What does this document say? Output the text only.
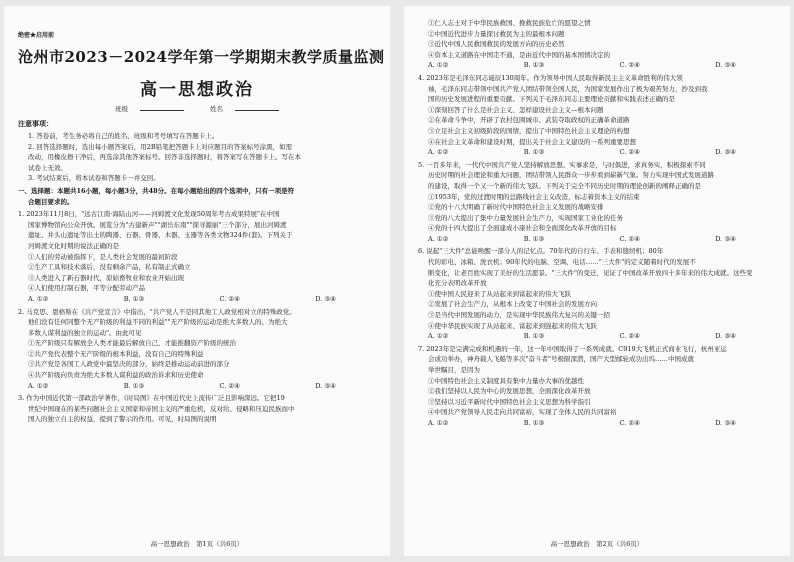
绝密★启用前
沧州市2023－2024学年第一学期期末教学质量监测
高一思想政治
班级	姓名
注意事项：

1. 答卷前，考生务必将自己的姓名、班级和考号填写在答题卡上。

2. 回答选择题时，选出每小题答案后，用2B铅笔把答题卡上对应题目的答案标号涂黑，如需

改动，用橡皮擦干净后，再选涂其他答案标号。回答非选择题时，将答案写在答题卡上。写在本

试卷上无效。

3. 考试结束后，将本试卷和答题卡一并交回。

一、选择题：本题共16小题，每小题3分，共48分。在每小题给出的四个选项中，只有一项是符

合题目要求的。

1. 2023年11月8日，"远古江南·海陆山河——河姆渡文化发现50周年考古成果特展"在中国

国家博物馆向公众开放。展览分为"古建新声""湖岳东南""探寻源丽"三个部分，展出河姆渡

遗址、井头山遗址等出土的陶器、石器、骨器、木器、玉器等各类文物324件(套)。下列关于

河姆渡文化时期的说法正确的是

①人们的劳动被指挥下，是人类社会发展的最初阶段

②生产工具和技术落后，没有剩余产品，私有制正式确立

③人类进入了新石器时代，原始畜牧业和农业开始出现

④人们使用打制石器，平等分配劳动产品

A. ①②	B. ①③	C. ②④	D. ③④

2. 马克思、恩格斯在《共产党宣言》中指出，"共产党人不是同其他工人政党相对立的特殊政党。

他们没有任何同整个无产阶级的利益不同的利益""无产阶级的运动是绝大多数人的、为绝大

多数人谋利益的独立的运动"。由此可见

①无产阶级只有解放全人类才能最后解放自己，才能推翻资产阶级的统治

②共产党代表整个无产阶级的根本利益，没有自己的特殊利益

③共产党是各国工人政党中最坚决的部分，始终是推动运动前进的部分

④共产阶级向负责为绝大多数人谋利益的政治诉求和历史使命

A. ①②	B. ①③	C. ②④	D. ③④

3. 作为中国近代第一部政治学著作，《时局图》在中国近代史上流传广泛且影响深远。它把19

世纪中国现在的某些问题社会主义国家和帝国主义的严重危机，反对给、侵略和压迫民族而中

国人的独立自主的权益，提到了警示的作用。可见，时局图的说明

高一思想政治　第1页（共6页）

①仁人志士对于中华民族救国、挽救民族危亡的愿望之情

②中国近代进步力量探讨救民为主的最根本问题

③近代中国人民救国救民的发展方向的历史必然

④资本主义道路在中国走不通，是由近代中国的基本国情决定的

A. ①②	B. ①③	C. ②④	D. ③④

4. 2023年是毛泽东同志诞辰130周年。作为领导中国人民取得新民主主义革命胜利的伟大领

袖，毛泽东同志带领中国共产党人团结带领全国人民，为国家发展作出了极为艰苦努力，抄及到我

国的历史发展进程的重要贡献。下列关于毛泽东同志主要理论贡献和实践表述正确的是

①深刻回答了什么是社会主义、怎样建设社会主义—根本问题

②在革命斗争中，开辟了农村包围城市、武装夺取政权的正确革命道路

③立足社会主义初级阶段的国情，提出了中国特色社会主义理论的构想

④在社会主义革命和建设时期，提出关于社会主义建设的一系列重要思想

A. ①②	B. ①③	C. ②④	D. ③④

5. 一百多年来，一代代中国共产党人坚持解放思想、实事求是，与时俱进，求真务实，积极探索不同

历史时期的社会理论和重大问题，团结带领人民群众一步步看到崭新气象。努力实现中国式发展道路

的建设，取得一个又一个新的伟大飞跃。下列关于完全不同历史时期的理论创新的阐释正确的是

①1953年，党的过渡时期的总路线社会主义改造，标志着资本主义的结束

②党的十八大明确了新时代中国特色社会主义发展的战略安排

③党的八大提出了集中力量发展社会生产力，实现国家工业化的任务

④党的十四大提出了全面建成小康社会和全面深化改革开放的目标

A. ①②	B. ①③	C. ②④	D. ③④

6. 说起"三大件"总能唤醒一部分人的记忆点。70年代的自行车、手表和缝纫机；80年

代的彩电、冰箱、洗衣机；90年代的电脑、空调、电话……"三大件"的定义随着时代的发展不

断变化，让老百姓实现了美好的生活愿景。"三大件"的变迁，见证了中国改革开放四十多年来的伟大成就。这些变

化充分表明改革开放

①使中国人民迎来了从站起来到富起来的伟大飞跃

②发展了社会生产力，从根本上改变了中国社会的发展方向

③是当代中国发展的动力，是实现中华民族伟大复兴的关键一招

④使中华民族实现了从站起来、富起来到强起来的伟大飞跃

A. ①②	B. ①③	C. ②④	D. ③④

7. 2023年是完满完成和机遇的一年，这一年中国取得了一系列成就。C919大飞机正式商业飞行，杭州亚运

会成功举办，神舟载人飞船等多次"奋斗者"号极限深潜，国产大型邮轮成功出坞……中国成就

举世瞩目，是因为

①中国特色社会主义制度具有集中力量办大事的优越性

②我们坚持以人民为中心的发展思想，全面深化改革开放

③坚持以习近平新时代中国特色社会主义思想为科学指引

④中国共产党领导人民走向共同富裕，实现了全体人民的共同富裕

A. ①②	B. ①③	C. ②④	D. ③④
高一思想政治　第2页（共6页）
